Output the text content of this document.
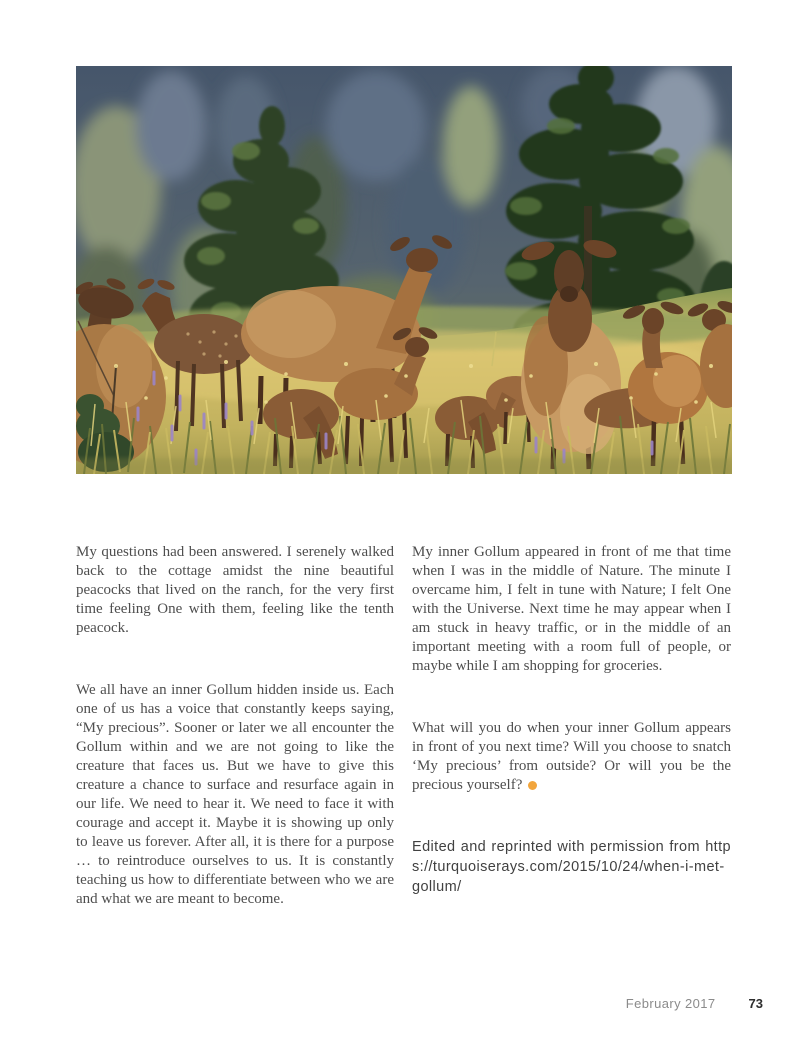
My questions had been answered. I serenely walked back to the cottage amidst the nine beautiful peacocks that lived on the ranch, for the very first time feeling One with them, feeling like the tenth peacock.

We all have an inner Gollum hidden inside us. Each one of us has a voice that constantly keeps saying, “My precious”. Sooner or later we all encounter the Gollum within and we are not going to like the creature that faces us. But we have to give this creature a chance to surface and resurface again in our life. We need to hear it. We need to face it with courage and accept it. Maybe it is showing up only to leave us forever. After all, it is there for a purpose … to reintroduce ourselves to us. It is constantly teaching us how to differentiate between who we are and what we are meant to become.

My inner Gollum appeared in front of me that time when I was in the middle of Nature. The minute I overcame him, I felt in tune with Nature; I felt One with the Universe. Next time he may appear when I am stuck in heavy traffic, or in the middle of an important meeting with a room full of people, or maybe while I am shopping for groceries.

What will you do when your inner Gollum appears in front of you next time? Will you choose to snatch ‘My precious’ from outside? Or will you be the precious yourself?

Edited and reprinted with permission from https://turquoiserays.com/2015/10/24/when-i-met-gollum/

February 2017	73
